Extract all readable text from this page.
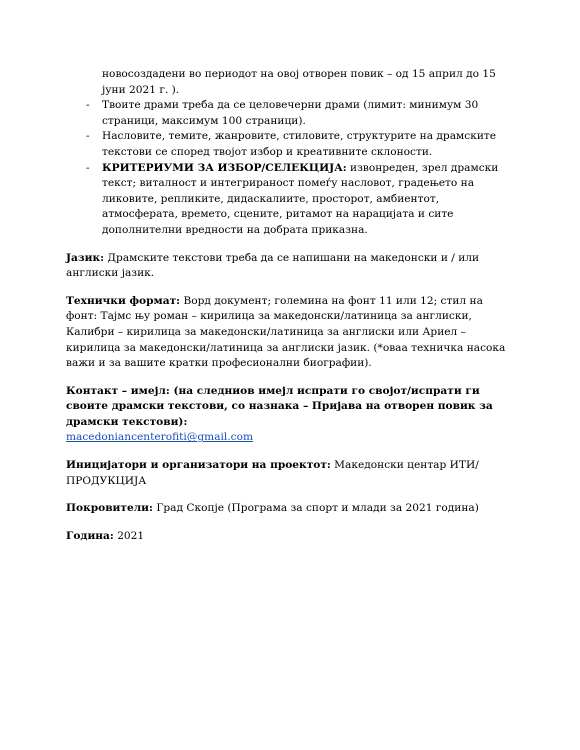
новосоздадени во периодот на овој отворен повик – од 15 април до 15 јуни 2021 г. ).
- Твоите драми треба да се целовечерни драми (лимит: минимум 30 страници, максимум 100 страници).
- Насловите, темите, жанровите, стиловите, структурите на драмските текстови се според твојот избор и креативните склоности.
- КРИТЕРИУМИ ЗА ИЗБОР/СЕЛЕКЦИЈА: извонреден, зрел драмски текст; виталност и интегрираност помеѓу насловот, градењето на ликовите, репликите, дидаскалиите, просторот, амбиентот, атмосферата, времето, сцените, ритамот на нарацијата и сите дополнителни вредности на добрата приказна.

Јазик: Драмските текстови треба да се напишани на македонски и / или англиски јазик.

Технички формат: Ворд документ; големина на фонт 11 или 12; стил на фонт: Тајмс њу роман – кирилица за македонски/латиница за англиски, Калибри – кирилица за македонски/латиница за англиски или Ариел – кирилица за македонски/латиница за англиски јазик. (*оваа техничка насока важи и за вашите кратки професионални биографии).

Контакт – имејл: (на следниов имејл испрати го својот/испрати ги своите драмски текстови, со назнака – Пријава на отворен повик за драмски текстови):
macedoniancenterofiti@gmail.com

Иницијатори и организатори на проектот: Македонски центар ИТИ/ПРОДУКЦИЈА

Покровители: Град Скопје (Програма за спорт и млади за 2021 година)

Година: 2021
